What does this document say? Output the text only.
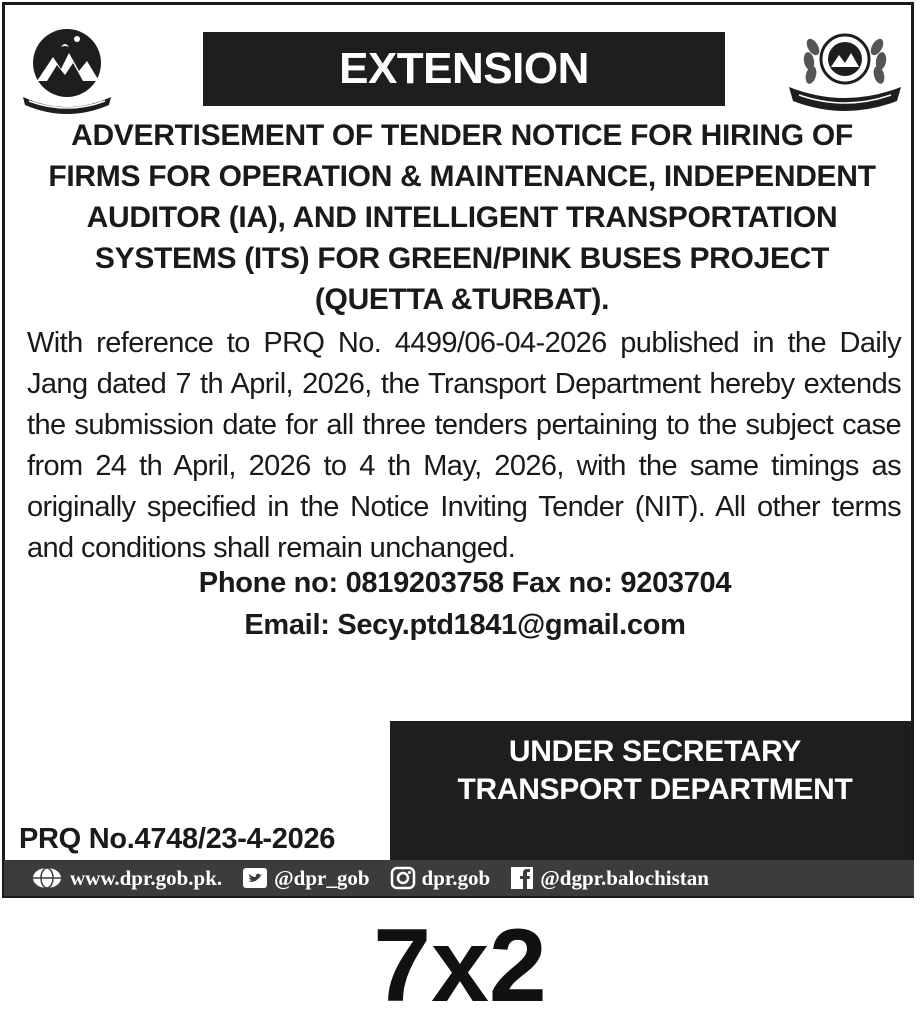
EXTENSION
ADVERTISEMENT OF TENDER NOTICE FOR HIRING OF
FIRMS FOR OPERATION & MAINTENANCE, INDEPENDENT
AUDITOR (IA), AND INTELLIGENT TRANSPORTATION
SYSTEMS (ITS) FOR GREEN/PINK BUSES PROJECT
(QUETTA &TURBAT).
With reference to PRQ No. 4499/06-04-2026 published in the Daily Jang dated 7 th April, 2026, the Transport Department hereby extends the submission date for all three tenders pertaining to the subject case from 24 th April, 2026 to 4 th May, 2026, with the same timings as originally specified in the Notice Inviting Tender (NIT). All other terms and conditions shall remain unchanged.
Phone no: 0819203758 Fax no: 9203704
Email: Secy.ptd1841@gmail.com
UNDER SECRETARY
TRANSPORT DEPARTMENT
PRQ No.4748/23-4-2026
www.dpr.gob.pk. @dpr_gob dpr.gob @dgpr.balochistan
7x2
